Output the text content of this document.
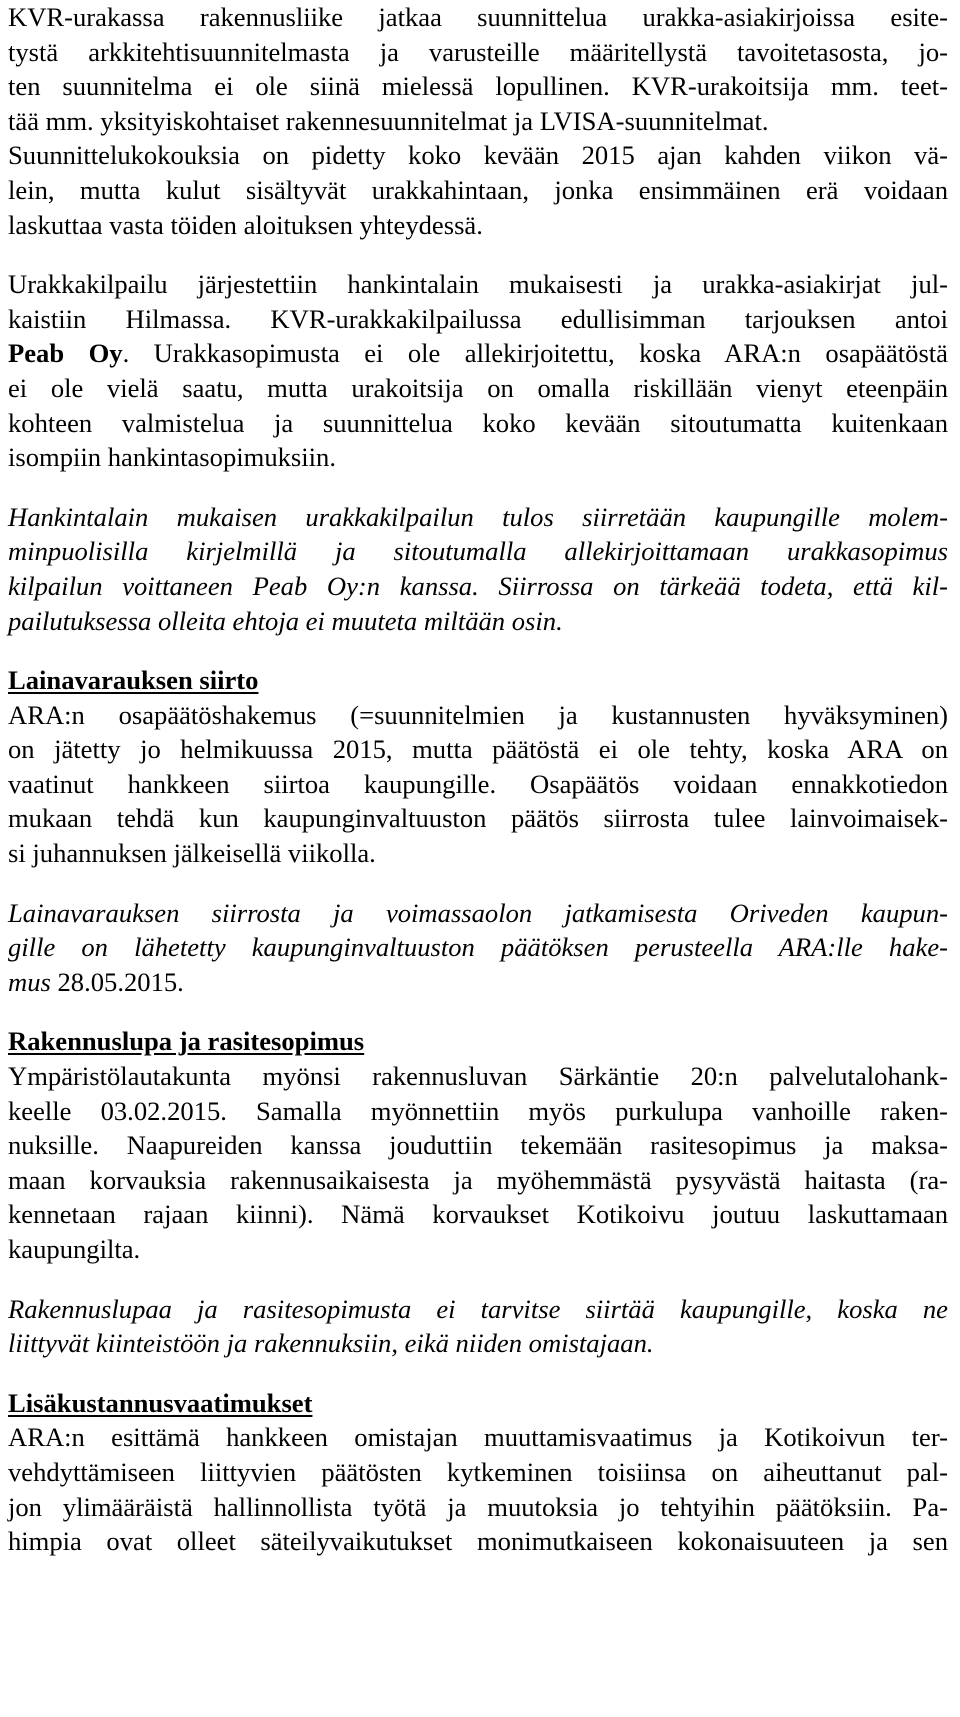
KVR-urakassa rakennusliike jatkaa suunnittelua urakka-asiakirjoissa esite-
tystä arkkitehtisuunnitelmasta ja varusteille määritellystä tavoitetasosta, jo-
ten suunnitelma ei ole siinä mielessä lopullinen. KVR-urakoitsija mm. teet-
tää mm. yksityiskohtaiset rakennesuunnitelmat ja LVISA-suunnitelmat.
Suunnittelukokouksia on pidetty koko kevään 2015 ajan kahden viikon vä-
lein, mutta kulut sisältyvät urakkahintaan, jonka ensimmäinen erä voidaan
laskuttaa vasta töiden aloituksen yhteydessä.
Urakkakilpailu järjestettiin hankintalain mukaisesti ja urakka-asiakirjat jul-
kaistiin Hilmassa. KVR-urakkakilpailussa edullisimman tarjouksen antoi
Peab Oy. Urakkasopimusta ei ole allekirjoitettu, koska ARA:n osapäätöstä
ei ole vielä saatu, mutta urakoitsija on omalla riskillään vienyt eteenpäin
kohteen valmistelua ja suunnittelua koko kevään sitoutumatta kuitenkaan
isompiin hankintasopimuksiin.
Hankintalain mukaisen urakkakilpailun tulos siirretään kaupungille molem-
minpuolisilla kirjelmillä ja sitoutumalla allekirjoittamaan urakkasopimus
kilpailun voittaneen Peab Oy:n kanssa. Siirrossa on tärkeää todeta, että kil-
pailutuksessa olleita ehtoja ei muuteta miltään osin.
Lainavarauksen siirto
ARA:n osapäätöshakemus (=suunnitelmien ja kustannusten hyväksyminen)
on jätetty jo helmikuussa 2015, mutta päätöstä ei ole tehty, koska ARA on
vaatinut hankkeen siirtoa kaupungille. Osapäätös voidaan ennakkotiedon
mukaan tehdä kun kaupunginvaltuuston päätös siirrosta tulee lainvoimaisek-
si juhannuksen jälkeisellä viikolla.
Lainavarauksen siirrosta ja voimassaolon jatkamisesta Oriveden kaupun-
gille on lähetetty kaupunginvaltuuston päätöksen perusteella ARA:lle hake-
mus 28.05.2015.
Rakennuslupa ja rasitesopimus
Ympäristölautakunta myönsi rakennusluvan Särkäntie 20:n palvelutalohank-
keelle 03.02.2015. Samalla myönnettiin myös purkulupa vanhoille raken-
nuksille. Naapureiden kanssa jouduttiin tekemään rasitesopimus ja maksa-
maan korvauksia rakennusaikaisesta ja myöhemmästä pysyvästä haitasta (ra-
kennetaan rajaan kiinni). Nämä korvaukset Kotikoivu joutuu laskuttamaan
kaupungilta.
Rakennuslupaa ja rasitesopimusta ei tarvitse siirtää kaupungille, koska ne
liittyvät kiinteistöön ja rakennuksiin, eikä niiden omistajaan.
Lisäkustannusvaatimukset
ARA:n esittämä hankkeen omistajan muuttamisvaatimus ja Kotikoivun ter-
vehdyttämiseen liittyvien päätösten kytkeminen toisiinsa on aiheuttanut pal-
jon ylimääräistä hallinnollista työtä ja muutoksia jo tehtyihin päätöksiin. Pa-
himpia ovat olleet säteilyvaikutukset monimutkaiseen kokonaisuuteen ja sen
